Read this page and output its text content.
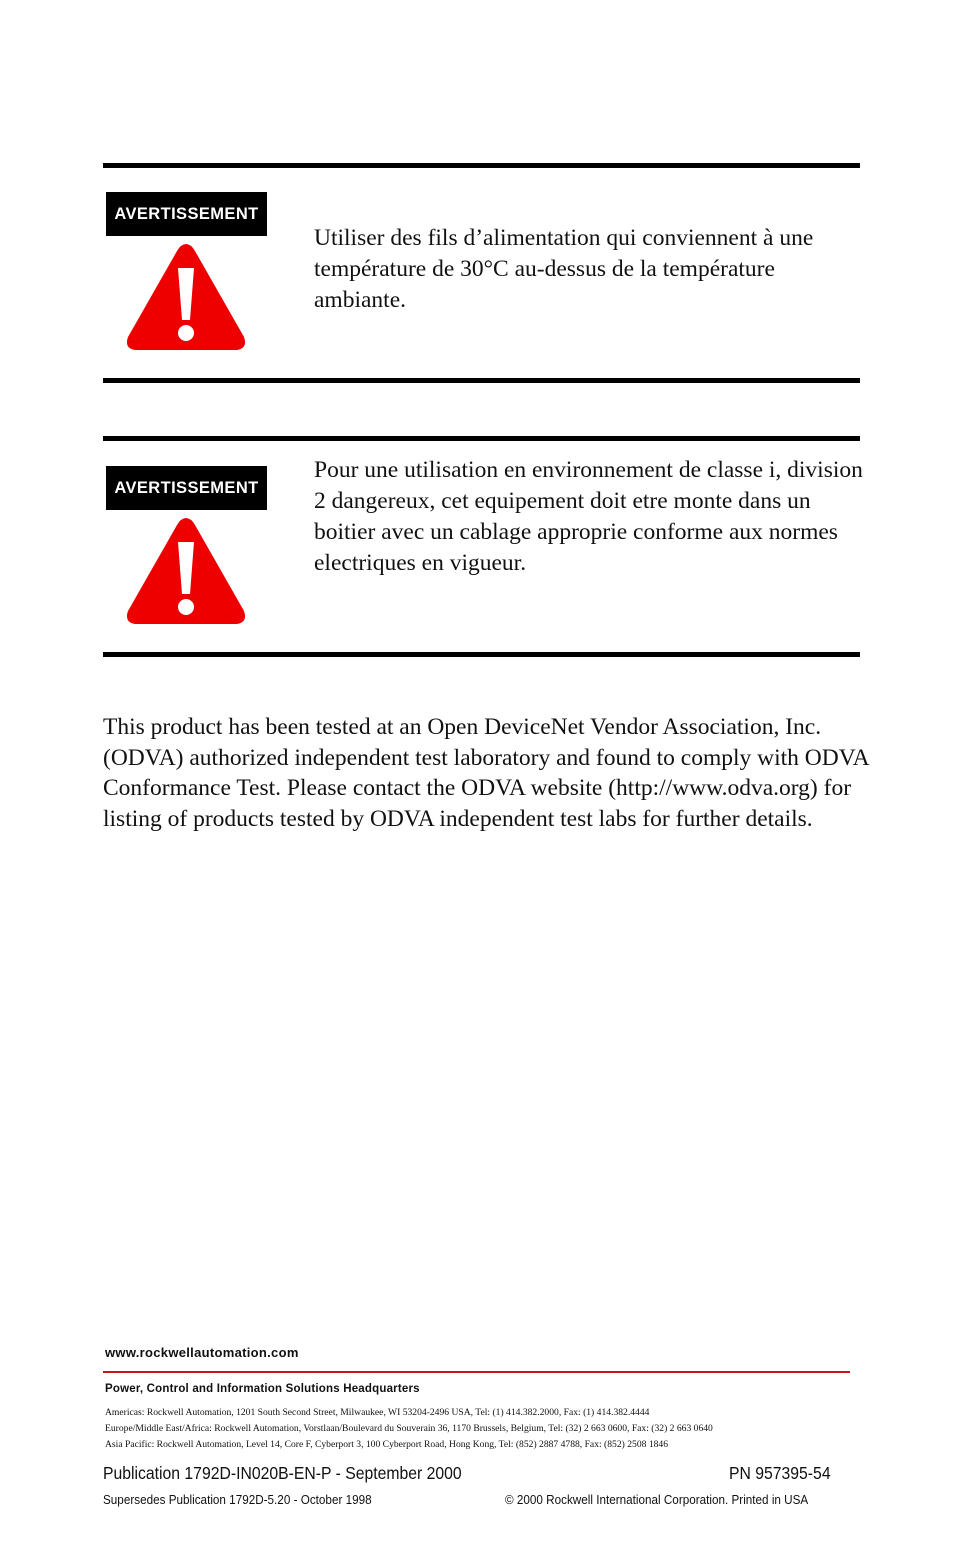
AVERTISSEMENT

Utiliser des fils d’alimentation qui conviennent à une température de 30°C au-dessus de la température ambiante.

AVERTISSEMENT

Pour une utilisation en environnement de classe i, division 2 dangereux, cet equipement doit etre monte dans un boitier avec un cablage approprie conforme aux normes electriques en vigueur.

This product has been tested at an Open DeviceNet Vendor Association, Inc. (ODVA) authorized independent test laboratory and found to comply with ODVA Conformance Test. Please contact the ODVA website (http://www.odva.org) for listing of products tested by ODVA independent test labs for further details.

www.rockwellautomation.com
Power, Control and Information Solutions Headquarters
Americas: Rockwell Automation, 1201 South Second Street, Milwaukee, WI 53204-2496 USA, Tel: (1) 414.382.2000, Fax: (1) 414.382.4444
Europe/Middle East/Africa: Rockwell Automation, Vorstlaan/Boulevard du Souverain 36, 1170 Brussels, Belgium, Tel: (32) 2 663 0600, Fax: (32) 2 663 0640
Asia Pacific: Rockwell Automation, Level 14, Core F, Cyberport 3, 100 Cyberport Road, Hong Kong, Tel: (852) 2887 4788, Fax: (852) 2508 1846
Publication 1792D-IN020B-EN-P - September 2000	PN 957395-54
Supersedes Publication 1792D-5.20 - October 1998	© 2000 Rockwell International Corporation. Printed in USA
